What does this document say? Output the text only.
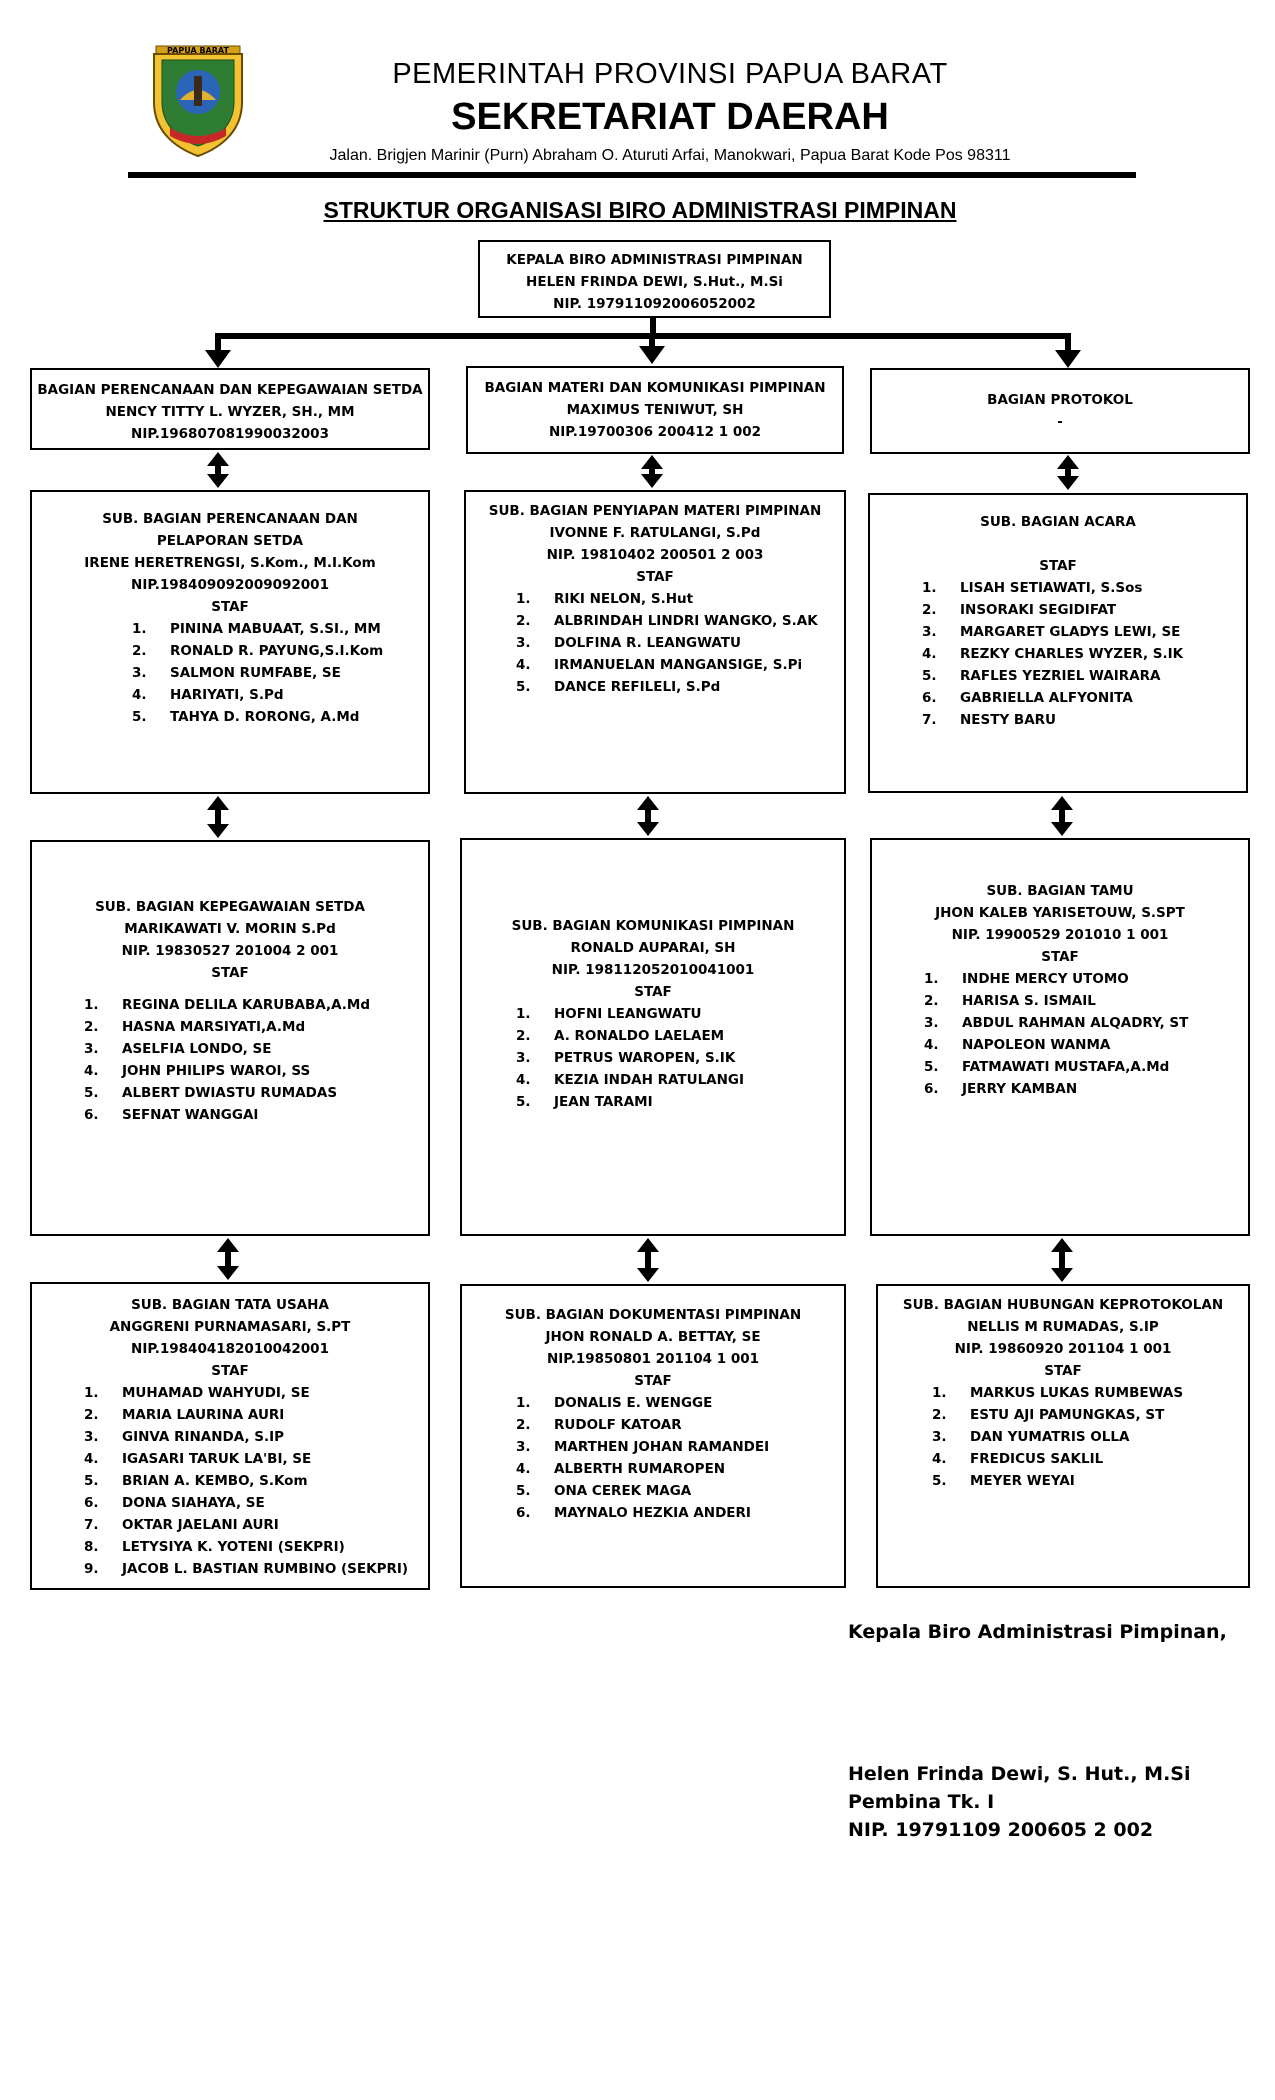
PAPUA BARAT
PEMERINTAH PROVINSI PAPUA BARAT
SEKRETARIAT DAERAH
Jalan. Brigjen Marinir (Purn) Abraham O. Aturuti Arfai, Manokwari, Papua Barat Kode Pos 98311
STRUKTUR ORGANISASI BIRO ADMINISTRASI PIMPINAN
KEPALA BIRO ADMINISTRASI PIMPINAN
HELEN FRINDA DEWI, S.Hut., M.Si
NIP. 197911092006052002
BAGIAN PERENCANAAN DAN KEPEGAWAIAN SETDA
NENCY TITTY L. WYZER, SH., MM
NIP.196807081990032003
BAGIAN MATERI DAN KOMUNIKASI PIMPINAN
MAXIMUS TENIWUT, SH
NIP.19700306 200412 1 002
BAGIAN PROTOKOL
-
SUB. BAGIAN PERENCANAAN DAN
PELAPORAN SETDA
IRENE HERETRENGSI, S.Kom., M.I.Kom
NIP.198409092009092001
STAF
1.	PININA MABUAAT, S.SI., MM
2.	RONALD R. PAYUNG,S.I.Kom
3.	SALMON RUMFABE, SE
4.	HARIYATI, S.Pd
5.	TAHYA D. RORONG, A.Md
SUB. BAGIAN PENYIAPAN MATERI PIMPINAN
IVONNE F. RATULANGI, S.Pd
NIP. 19810402 200501 2 003
STAF
1.	RIKI NELON, S.Hut
2.	ALBRINDAH LINDRI WANGKO, S.AK
3.	DOLFINA R. LEANGWATU
4.	IRMANUELAN MANGANSIGE, S.Pi
5.	DANCE REFILELI, S.Pd
SUB. BAGIAN ACARA
STAF
1.	LISAH SETIAWATI, S.Sos
2.	INSORAKI SEGIDIFAT
3.	MARGARET GLADYS LEWI, SE
4.	REZKY CHARLES WYZER, S.IK
5.	RAFLES YEZRIEL WAIRARA
6.	GABRIELLA ALFYONITA
7.	NESTY BARU
SUB. BAGIAN KEPEGAWAIAN SETDA
MARIKAWATI V. MORIN S.Pd
NIP. 19830527 201004 2 001
STAF
1.	REGINA DELILA KARUBABA,A.Md
2.	HASNA MARSIYATI,A.Md
3.	ASELFIA LONDO, SE
4.	JOHN PHILIPS WAROI, SS
5.	ALBERT DWIASTU RUMADAS
6.	SEFNAT WANGGAI
SUB. BAGIAN KOMUNIKASI PIMPINAN
RONALD AUPARAI, SH
NIP. 198112052010041001
STAF
1.	HOFNI LEANGWATU
2.	A. RONALDO LAELAEM
3.	PETRUS WAROPEN, S.IK
4.	KEZIA INDAH RATULANGI
5.	JEAN TARAMI
SUB. BAGIAN TAMU
JHON KALEB YARISETOUW, S.SPT
NIP. 19900529 201010 1 001
STAF
1.	INDHE MERCY UTOMO
2.	HARISA S. ISMAIL
3.	ABDUL RAHMAN ALQADRY, ST
4.	NAPOLEON WANMA
5.	FATMAWATI MUSTAFA,A.Md
6.	JERRY KAMBAN
SUB. BAGIAN TATA USAHA
ANGGRENI PURNAMASARI, S.PT
NIP.198404182010042001
STAF
1.	MUHAMAD WAHYUDI, SE
2.	MARIA LAURINA AURI
3.	GINVA RINANDA, S.IP
4.	IGASARI TARUK LA'BI, SE
5.	BRIAN A. KEMBO, S.Kom
6.	DONA SIAHAYA, SE
7.	OKTAR JAELANI AURI
8.	LETYSIYA K. YOTENI (SEKPRI)
9.	JACOB L. BASTIAN RUMBINO (SEKPRI)
SUB. BAGIAN DOKUMENTASI PIMPINAN
JHON RONALD A. BETTAY, SE
NIP.19850801 201104 1 001
STAF
1.	DONALIS E. WENGGE
2.	RUDOLF KATOAR
3.	MARTHEN JOHAN RAMANDEI
4.	ALBERTH RUMAROPEN
5.	ONA CEREK MAGA
6.	MAYNALO HEZKIA ANDERI
SUB. BAGIAN HUBUNGAN KEPROTOKOLAN
NELLIS M RUMADAS, S.IP
NIP. 19860920 201104 1 001
STAF
1.	MARKUS LUKAS RUMBEWAS
2.	ESTU AJI PAMUNGKAS, ST
3.	DAN YUMATRIS OLLA
4.	FREDICUS SAKLIL
5.	MEYER WEYAI
Kepala Biro Administrasi Pimpinan,
Helen Frinda Dewi, S. Hut., M.Si
Pembina Tk. I
NIP. 19791109 200605 2 002
